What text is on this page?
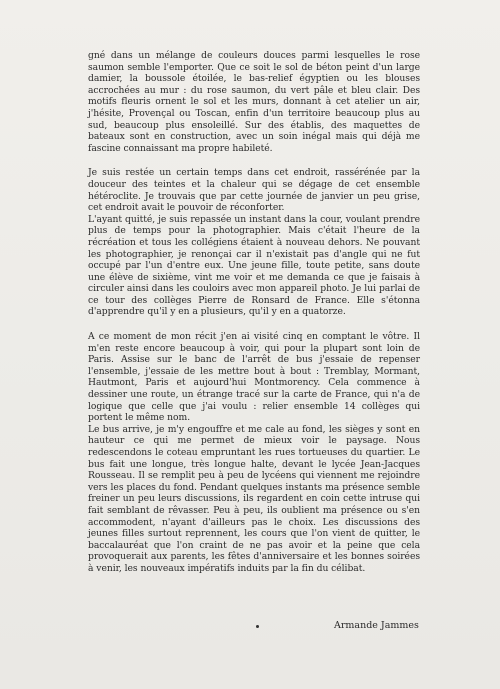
gné dans un mélange de couleurs douces parmi lesquelles le rose saumon semble l'emporter. Que ce soit le sol de béton peint d'un large damier, la boussole étoilée, le bas-relief égyptien ou les blouses accrochées au mur : du rose saumon, du vert pâle et bleu clair. Des motifs fleuris ornent le sol et les murs, donnant à cet atelier un air, j'hésite, Provençal ou Toscan, enfin d'un territoire beaucoup plus au sud, beaucoup plus ensoleillé. Sur des établis, des maquettes de bateaux sont en construction, avec un soin inégal mais qui déjà me fascine connaissant ma propre habileté.

Je suis restée un certain temps dans cet endroit, rassérénée par la douceur des teintes et la chaleur qui se dégage de cet ensemble hétéroclite. Je trouvais que par cette journée de janvier un peu grise, cet endroit avait le pouvoir de réconforter.

L'ayant quitté, je suis repassée un instant dans la cour, voulant prendre plus de temps pour la photographier. Mais c'était l'heure de la récréation et tous les collégiens étaient à nouveau dehors. Ne pouvant les photographier, je renonçai car il n'existait pas d'angle qui ne fut occupé par l'un d'entre eux. Une jeune fille, toute petite, sans doute une élève de sixième, vint me voir et me demanda ce que je faisais à circuler ainsi dans les couloirs avec mon appareil photo. Je lui parlai de ce tour des collèges Pierre de Ronsard de France. Elle s'étonna d'apprendre qu'il y en a plusieurs, qu'il y en a quatorze.

A ce moment de mon récit j'en ai visité cinq en comptant le vôtre. Il m'en reste encore beaucoup à voir, qui pour la plupart sont loin de Paris. Assise sur le banc de l'arrêt de bus j'essaie de repenser l'ensemble, j'essaie de les mettre bout à bout : Tremblay, Mormant, Hautmont, Paris et aujourd'hui Montmorency. Cela commence à dessiner une route, un étrange tracé sur la carte de France, qui n'a de logique que celle que j'ai voulu : relier ensemble 14 collèges qui portent le même nom.

Le bus arrive, je m'y engouffre et me cale au fond, les sièges y sont en hauteur ce qui me permet de mieux voir le paysage. Nous redescendons le coteau empruntant les rues tortueuses du quartier. Le bus fait une longue, très longue halte, devant le lycée Jean-Jacques Rousseau. Il se remplit peu à peu de lycéens qui viennent me rejoindre vers les places du fond. Pendant quelques instants ma présence semble freiner un peu leurs discussions, ils regardent en coin cette intruse qui fait semblant de rêvasser. Peu à peu, ils oublient ma présence ou s'en accommodent, n'ayant d'ailleurs pas le choix. Les discussions des jeunes filles surtout reprennent, les cours que l'on vient de quitter, le baccalauréat que l'on craint de ne pas avoir et la peine que cela provoquerait aux parents, les fêtes d'anniversaire et les bonnes soirées à venir, les nouveaux impératifs induits par la fin du célibat.

Armande Jammes
